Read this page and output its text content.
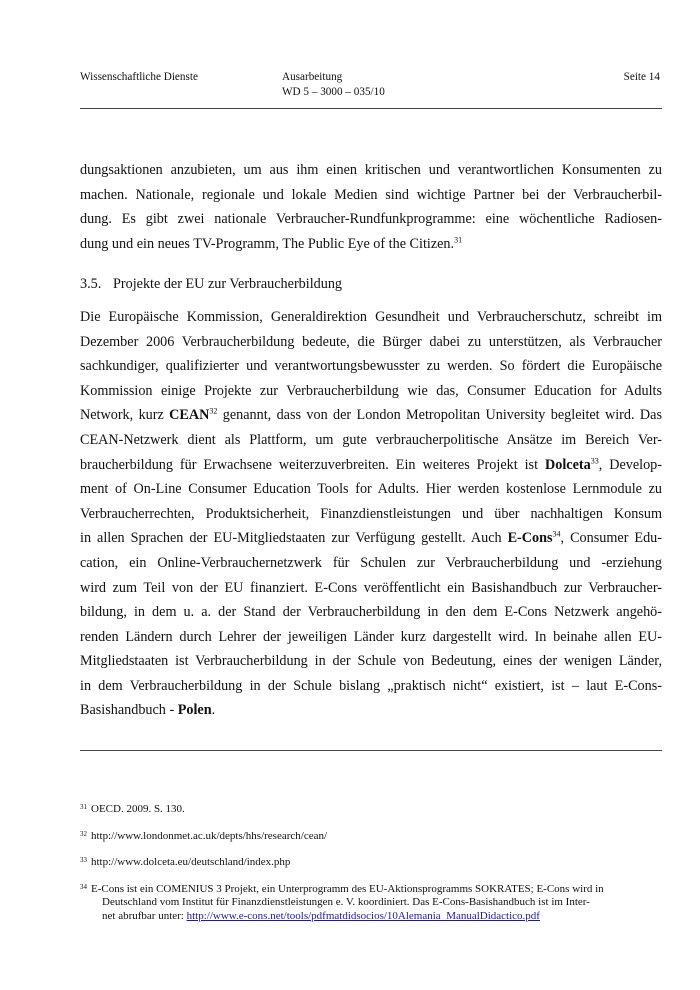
Wissenschaftliche Dienste	Ausarbeitung
WD 5 – 3000 – 035/10
Seite 14

dungsaktionen anzubieten, um aus ihm einen kritischen und verantwortlichen Konsumenten zu
machen. Nationale, regionale und lokale Medien sind wichtige Partner bei der Verbraucherbil-
dung. Es gibt zwei nationale Verbraucher-Rundfunkprogramme: eine wöchentliche Radiosen-
dung und ein neues TV-Programm, The Public Eye of the Citizen.$^{31}$

3.5. Projekte der EU zur Verbraucherbildung

Die Europäische Kommission, Generaldirektion Gesundheit und Verbraucherschutz, schreibt im
Dezember 2006 Verbraucherbildung bedeute, die Bürger dabei zu unterstützen, als Verbraucher
sachkundiger, qualifizierter und verantwortungsbewusster zu werden. So fördert die Europäische
Kommission einige Projekte zur Verbraucherbildung wie das, Consumer Education for Adults
Network, kurz CEAN$^{32}$ genannt, dass von der London Metropolitan University begleitet wird. Das
CEAN-Netzwerk dient als Plattform, um gute verbraucherpolitische Ansätze im Bereich Ver-
braucherbildung für Erwachsene weiterzuverbreiten. Ein weiteres Projekt ist Dolceta$^{33}$, Develop-
ment of On-Line Consumer Education Tools for Adults. Hier werden kostenlose Lernmodule zu
Verbraucherrechten, Produktsicherheit, Finanzdienstleistungen und über nachhaltigen Konsum
in allen Sprachen der EU-Mitgliedstaaten zur Verfügung gestellt. Auch E-Cons$^{34}$, Consumer Edu-
cation, ein Online-Verbrauchernetzwerk für Schulen zur Verbraucherbildung und -erziehung
wird zum Teil von der EU finanziert. E-Cons veröffentlicht ein Basishandbuch zur Verbraucher-
bildung, in dem u. a. der Stand der Verbraucherbildung in den dem E-Cons Netzwerk angehö-
renden Ländern durch Lehrer der jeweiligen Länder kurz dargestellt wird. In beinahe allen EU-
Mitgliedstaaten ist Verbraucherbildung in der Schule von Bedeutung, eines der wenigen Länder,
in dem Verbraucherbildung in der Schule bislang „praktisch nicht“ existiert, ist – laut E-Cons-
Basishandbuch - Polen.

31 OECD. 2009. S. 130.
32 http://www.londonmet.ac.uk/depts/hhs/research/cean/
33 http://www.dolceta.eu/deutschland/index.php
34 E-Cons ist ein COMENIUS 3 Projekt, ein Unterprogramm des EU-Aktionsprogramms SOKRATES; E-Cons wird in
Deutschland vom Institut für Finanzdienstleistungen e. V. koordiniert. Das E-Cons-Basishandbuch ist im Inter-
net abrufbar unter: http://www.e-cons.net/tools/pdfmatdidsocios/10Alemania_ManualDidactico.pdf
